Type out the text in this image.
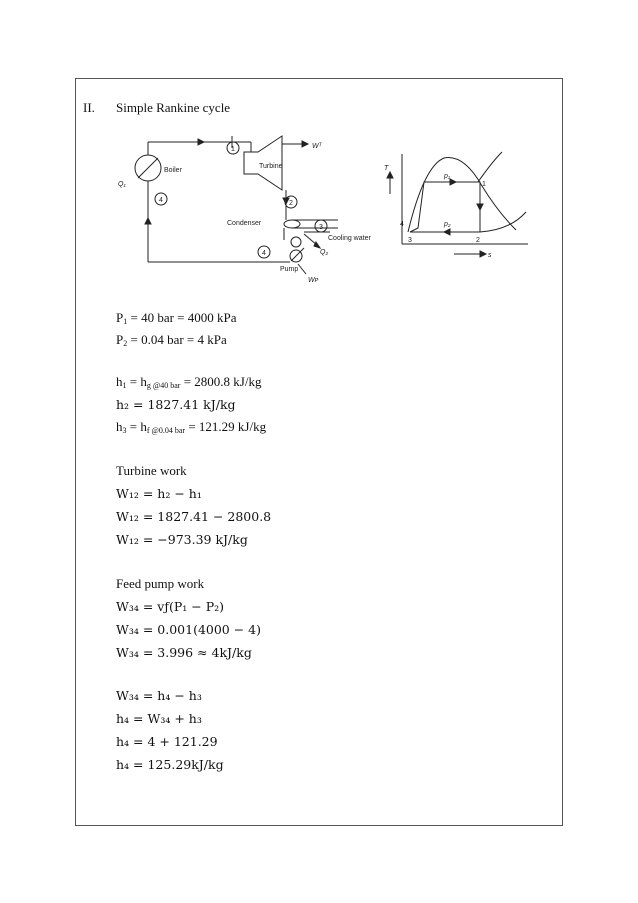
II. Simple Rankine cycle
1
2
3
4
4
Q₁
Boiler
Wᵀ
Turbine
Condenser
Cooling water
Q₂
Pump
Wᴘ
T
s
p₁
p₂
1
2
3
4
$P_1 = 40$ bar = 4000 kPa
$P_2 = 0.04$ bar = 4 kPa
$h_1 = h_{g @40 bar} = 2800.8$ kJ/kg
h₂ = 1827.41 kJ/kg
$h_3 = h_{f @0.04 bar} = 121.29$ kJ/kg
Turbine work
W₁₂ = h₂ − h₁
W₁₂ = 1827.41 − 2800.8
W₁₂ = −973.39 kJ/kg
Feed pump work
W₃₄ = vƒ(P₁ − P₂)
W₃₄ = 0.001(4000 − 4)
W₃₄ = 3.996 ≈ 4kJ/kg
W₃₄ = h₄ − h₃
h₄ = W₃₄ + h₃
h₄ = 4 + 121.29
h₄ = 125.29kJ/kg
